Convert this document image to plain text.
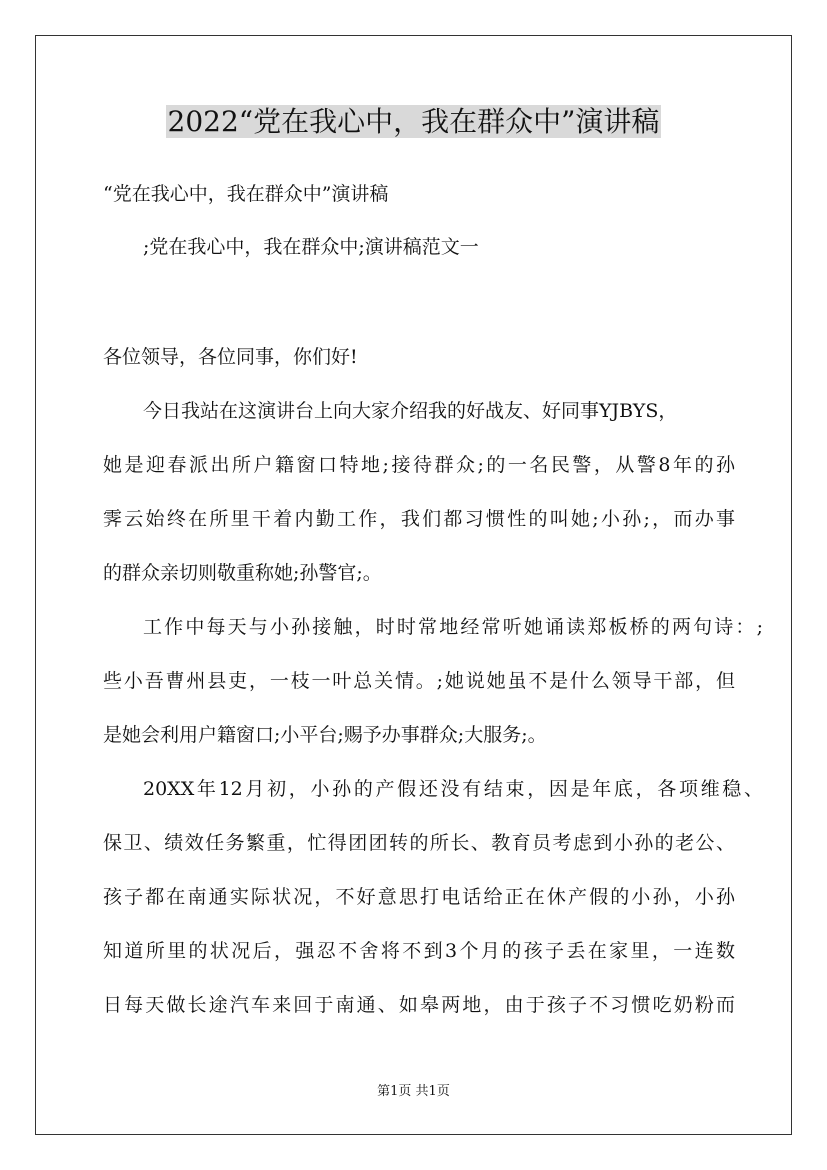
2022“党在我心中，我在群众中”演讲稿
“党在我心中，我在群众中”演讲稿
;党在我心中，我在群众中;演讲稿范文一
各位领导，各位同事，你们好!
今日我站在这演讲台上向大家介绍我的好战友、好同事YJBYS，
她是迎春派出所户籍窗口特地;接待群众;的一名民警，从警8年的孙
霁云始终在所里干着内勤工作，我们都习惯性的叫她;小孙;，而办事
的群众亲切则敬重称她;孙警官;。
工作中每天与小孙接触，时时常地经常听她诵读郑板桥的两句诗：;
些小吾曹州县吏，一枝一叶总关情。;她说她虽不是什么领导干部，但
是她会利用户籍窗口;小平台;赐予办事群众;大服务;。
20XX年12月初，小孙的产假还没有结束，因是年底，各项维稳、
保卫、绩效任务繁重，忙得团团转的所长、教育员考虑到小孙的老公、
孩子都在南通实际状况，不好意思打电话给正在休产假的小孙，小孙
知道所里的状况后，强忍不舍将不到3个月的孩子丢在家里，一连数
日每天做长途汽车来回于南通、如皋两地，由于孩子不习惯吃奶粉而
第1页 共1页
